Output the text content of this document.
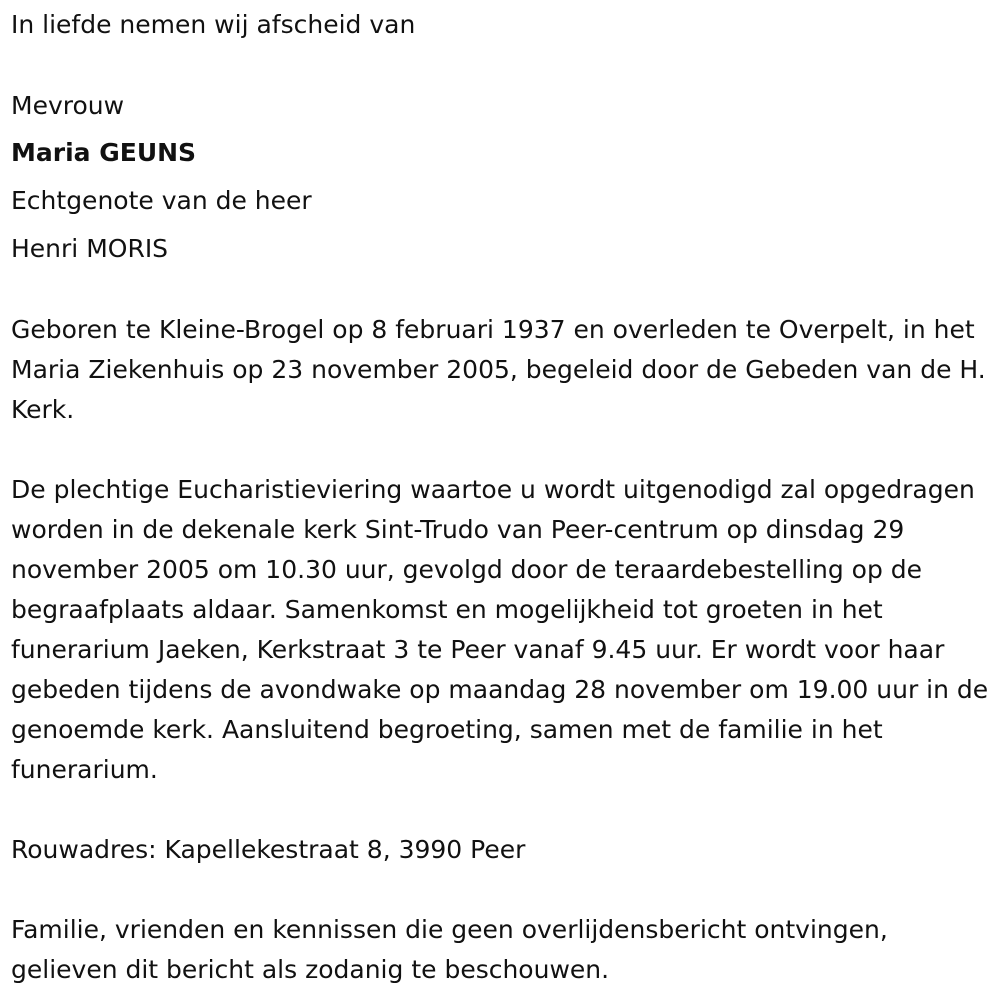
In liefde nemen wij afscheid van
Mevrouw
Maria GEUNS
Echtgenote van de heer
Henri MORIS
Geboren te Kleine-Brogel op 8 februari 1937 en overleden te Overpelt, in het Maria Ziekenhuis op 23 november 2005, begeleid door de Gebeden van de H. Kerk.
De plechtige Eucharistieviering waartoe u wordt uitgenodigd zal opgedragen worden in de dekenale kerk Sint-Trudo van Peer-centrum op dinsdag 29 november 2005 om 10.30 uur, gevolgd door de teraardebestelling op de begraafplaats aldaar. Samenkomst en mogelijkheid tot groeten in het funerarium Jaeken, Kerkstraat 3 te Peer vanaf 9.45 uur. Er wordt voor haar gebeden tijdens de avondwake op maandag 28 november om 19.00 uur in de genoemde kerk. Aansluitend begroeting, samen met de familie in het funerarium.
Rouwadres: Kapellekestraat 8, 3990 Peer
Familie, vrienden en kennissen die geen overlijdensbericht ontvingen, gelieven dit bericht als zodanig te beschouwen.
